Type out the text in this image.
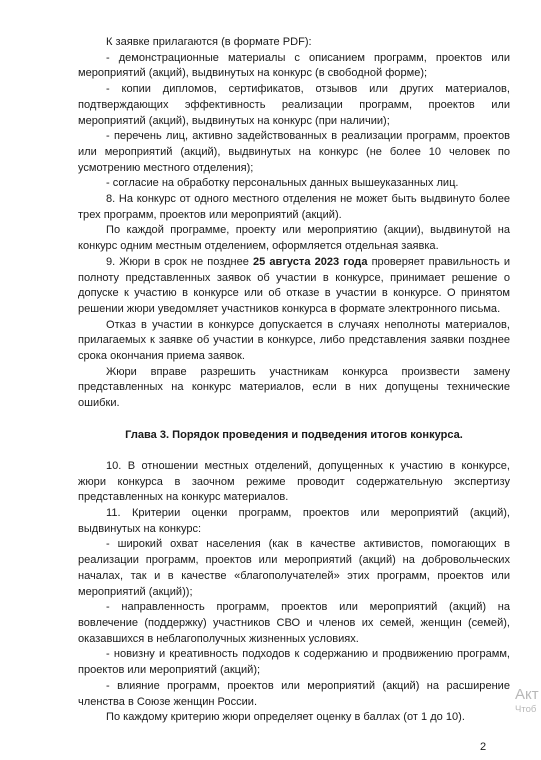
К заявке прилагаются (в формате PDF):

- демонстрационные материалы с описанием программ, проектов или мероприятий (акций), выдвинутых на конкурс (в свободной форме);

- копии дипломов, сертификатов, отзывов или других материалов, подтверждающих эффективность реализации программ, проектов или мероприятий (акций), выдвинутых на конкурс (при наличии);

- перечень лиц, активно задействованных в реализации программ, проектов или мероприятий (акций), выдвинутых на конкурс (не более 10 человек по усмотрению местного отделения);

- согласие на обработку персональных данных вышеуказанных лиц.

8. На конкурс от одного местного отделения не может быть выдвинуто более трех программ, проектов или мероприятий (акций).

По каждой программе, проекту или мероприятию (акции), выдвинутой на конкурс одним местным отделением, оформляется отдельная заявка.

9. Жюри в срок не позднее 25 августа 2023 года проверяет правильность и полноту представленных заявок об участии в конкурсе, принимает решение о допуске к участию в конкурсе или об отказе в участии в конкурсе. О принятом решении жюри уведомляет участников конкурса в формате электронного письма.

Отказ в участии в конкурсе допускается в случаях неполноты материалов, прилагаемых к заявке об участии в конкурсе, либо представления заявки позднее срока окончания приема заявок.

Жюри вправе разрешить участникам конкурса произвести замену представленных на конкурс материалов, если в них допущены технические ошибки.

Глава 3. Порядок проведения и подведения итогов конкурса.

10. В отношении местных отделений, допущенных к участию в конкурсе, жюри конкурса в заочном режиме проводит содержательную экспертизу представленных на конкурс материалов.

11. Критерии оценки программ, проектов или мероприятий (акций), выдвинутых на конкурс:

- широкий охват населения (как в качестве активистов, помогающих в реализации программ, проектов или мероприятий (акций) на добровольческих началах, так и в качестве «благополучателей» этих программ, проектов или мероприятий (акций));

- направленность программ, проектов или мероприятий (акций) на вовлечение (поддержку) участников СВО и членов их семей, женщин (семей), оказавшихся в неблагополучных жизненных условиях.

- новизну и креативность подходов к содержанию и продвижению программ, проектов или мероприятий (акций);

- влияние программ, проектов или мероприятий (акций) на расширение членства в Союзе женщин России.

По каждому критерию жюри определяет оценку в баллах (от 1 до 10).

Акт
Чтоб
2
